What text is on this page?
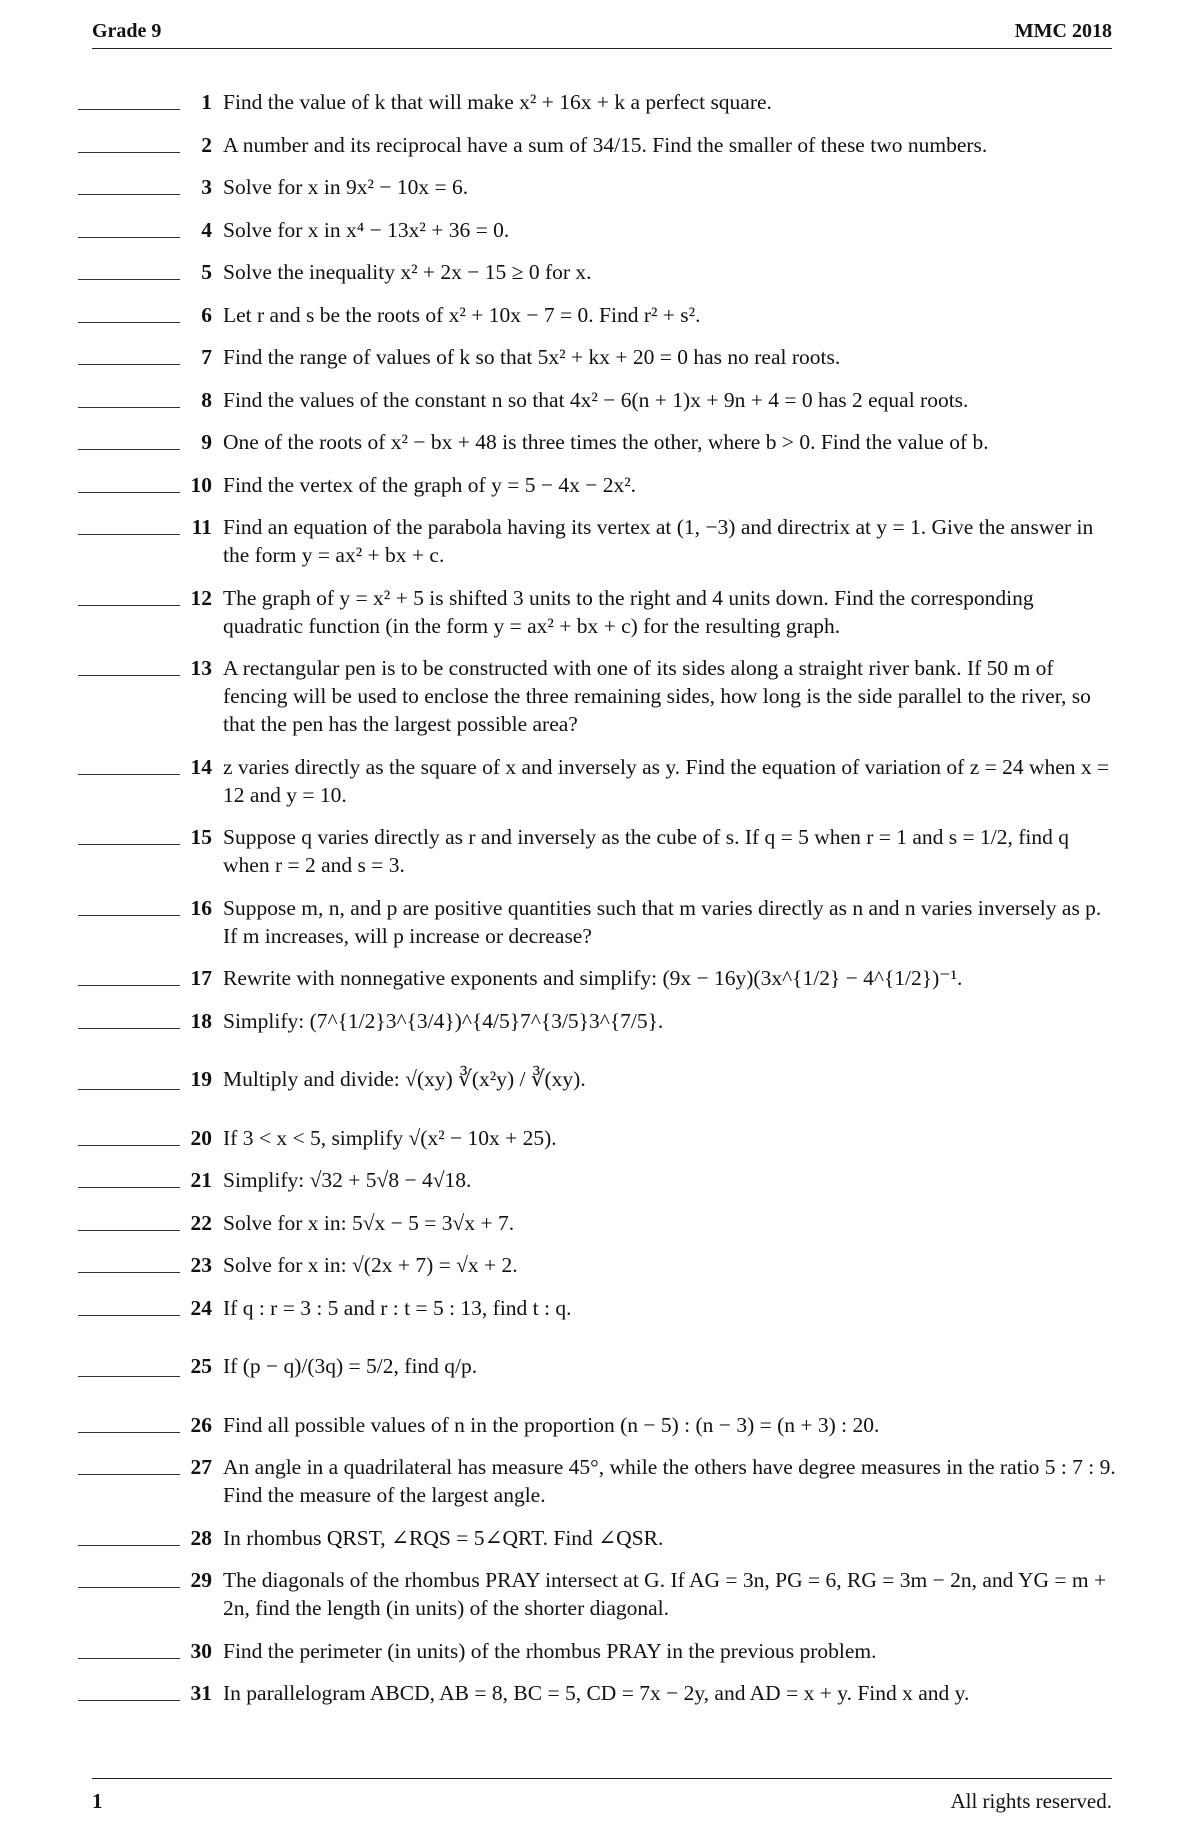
Grade 9	MMC 2018
1 Find the value of k that will make x² + 16x + k a perfect square.
2 A number and its reciprocal have a sum of 34/15. Find the smaller of these two numbers.
3 Solve for x in 9x² − 10x = 6.
4 Solve for x in x⁴ − 13x² + 36 = 0.
5 Solve the inequality x² + 2x − 15 ≥ 0 for x.
6 Let r and s be the roots of x² + 10x − 7 = 0. Find r² + s².
7 Find the range of values of k so that 5x² + kx + 20 = 0 has no real roots.
8 Find the values of the constant n so that 4x² − 6(n + 1)x + 9n + 4 = 0 has 2 equal roots.
9 One of the roots of x² − bx + 48 is three times the other, where b > 0. Find the value of b.
10 Find the vertex of the graph of y = 5 − 4x − 2x².
11 Find an equation of the parabola having its vertex at (1, −3) and directrix at y = 1. Give the answer in the form y = ax² + bx + c.
12 The graph of y = x² + 5 is shifted 3 units to the right and 4 units down. Find the corresponding quadratic function (in the form y = ax² + bx + c) for the resulting graph.
13 A rectangular pen is to be constructed with one of its sides along a straight river bank. If 50 m of fencing will be used to enclose the three remaining sides, how long is the side parallel to the river, so that the pen has the largest possible area?
14 z varies directly as the square of x and inversely as y. Find the equation of variation of z = 24 when x = 12 and y = 10.
15 Suppose q varies directly as r and inversely as the cube of s. If q = 5 when r = 1 and s = 1/2, find q when r = 2 and s = 3.
16 Suppose m, n, and p are positive quantities such that m varies directly as n and n varies inversely as p. If m increases, will p increase or decrease?
17 Rewrite with nonnegative exponents and simplify: (9x − 16y)(3x^{1/2} − 4^{1/2})⁻¹.
18 Simplify: (7^{1/2}3^{3/4})^{4/5}7^{3/5}3^{7/5}.
19 Multiply and divide: √(xy) ∛(x²y) / ∛(xy).
20 If 3 < x < 5, simplify √(x² − 10x + 25).
21 Simplify: √32 + 5√8 − 4√18.
22 Solve for x in: 5√x − 5 = 3√x + 7.
23 Solve for x in: √(2x + 7) = √x + 2.
24 If q : r = 3 : 5 and r : t = 5 : 13, find t : q.
25 If (p − q)/(3q) = 5/2, find q/p.
26 Find all possible values of n in the proportion (n − 5) : (n − 3) = (n + 3) : 20.
27 An angle in a quadrilateral has measure 45°, while the others have degree measures in the ratio 5 : 7 : 9. Find the measure of the largest angle.
28 In rhombus QRST, ∠RQS = 5∠QRT. Find ∠QSR.
29 The diagonals of the rhombus PRAY intersect at G. If AG = 3n, PG = 6, RG = 3m − 2n, and YG = m + 2n, find the length (in units) of the shorter diagonal.
30 Find the perimeter (in units) of the rhombus PRAY in the previous problem.
31 In parallelogram ABCD, AB = 8, BC = 5, CD = 7x − 2y, and AD = x + y. Find x and y.
1	All rights reserved.
